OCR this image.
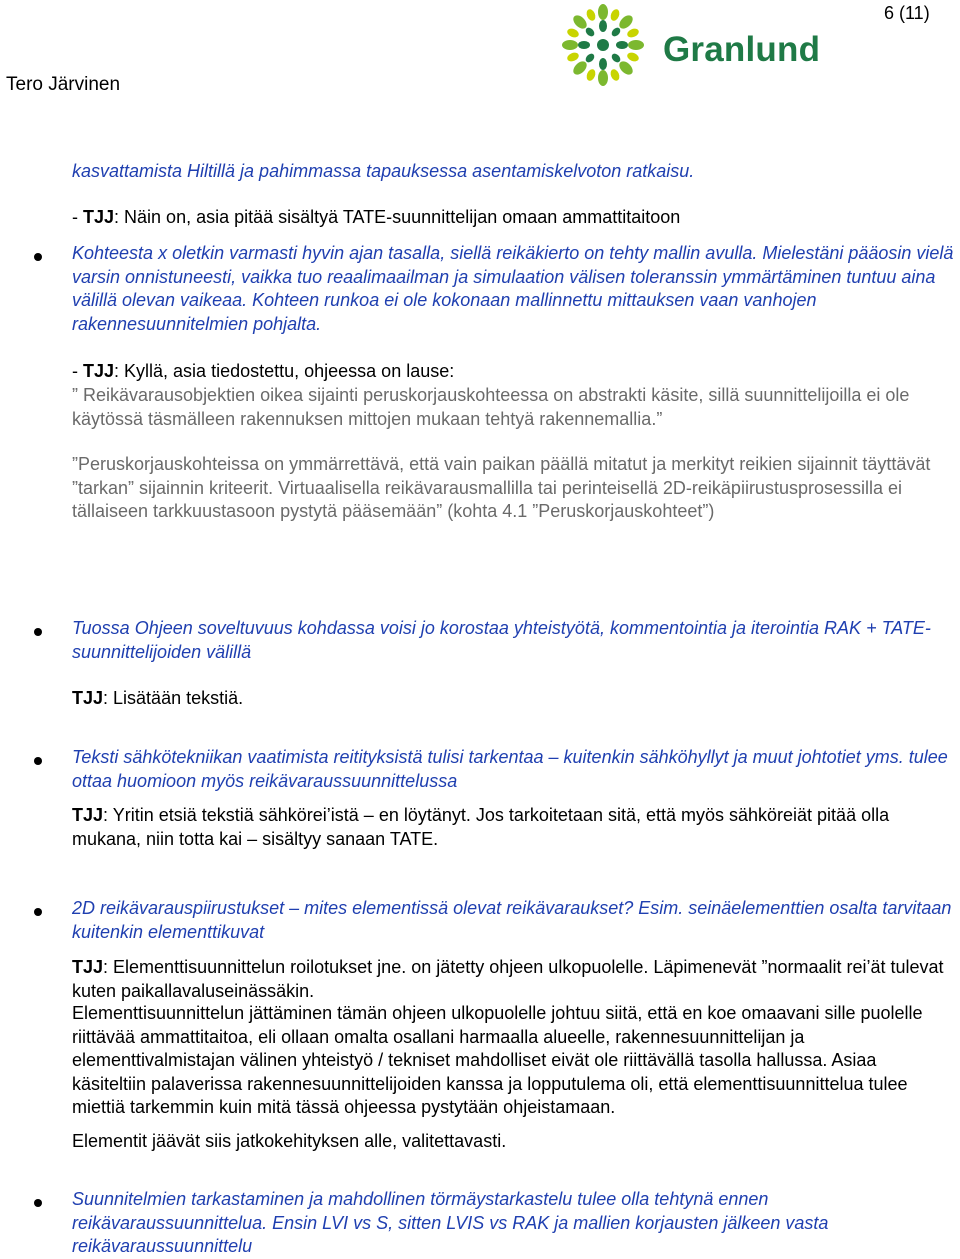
6 (11)
Tero Järvinen
Granlund
kasvattamista Hiltillä ja pahimmassa tapauksessa asentamiskelvoton ratkaisu.
- TJJ: Näin on, asia pitää sisältyä TATE-suunnittelijan omaan ammattitaitoon
Kohteesta x oletkin varmasti hyvin ajan tasalla, siellä reikäkierto on tehty mallin avulla. Mielestäni pääosin vielä varsin onnistuneesti, vaikka tuo reaalimaailman ja simulaation välisen toleranssin ymmärtäminen tuntuu aina välillä olevan vaikeaa. Kohteen runkoa ei ole kokonaan mallinnettu mittauksen vaan vanhojen rakennesuunnitelmien pohjalta.
- TJJ: Kyllä, asia tiedostettu, ohjeessa on lause:
” Reikävarausobjektien oikea sijainti peruskorjauskohteessa on abstrakti käsite, sillä suunnittelijoilla ei ole käytössä täsmälleen rakennuksen mittojen mukaan tehtyä rakennemallia.”
”Peruskorjauskohteissa on ymmärrettävä, että vain paikan päällä mitatut ja merkityt reikien sijainnit täyttävät ”tarkan” sijainnin kriteerit. Virtuaalisella reikävarausmallilla tai perinteisellä 2D-reikäpiirustusprosessilla ei tällaiseen tarkkuustasoon pystytä pääsemään” (kohta 4.1 ”Peruskorjauskohteet”)
Tuossa Ohjeen soveltuvuus kohdassa voisi jo korostaa yhteistyötä, kommentointia ja iterointia RAK + TATE-suunnittelijoiden välillä
TJJ: Lisätään tekstiä.
Teksti sähkötekniikan vaatimista reitityksistä tulisi tarkentaa – kuitenkin sähköhyllyt ja muut johtotiet yms. tulee ottaa huomioon myös reikävaraussuunnittelussa
TJJ: Yritin etsiä tekstiä sähkörei’istä – en löytänyt. Jos tarkoitetaan sitä, että myös sähköreiät pitää olla mukana, niin totta kai – sisältyy sanaan TATE.
2D reikävarauspiirustukset – mites elementissä olevat reikävaraukset? Esim. seinäelementtien osalta tarvitaan kuitenkin elementtikuvat
TJJ: Elementtisuunnittelun roilotukset jne. on jätetty ohjeen ulkopuolelle. Läpimenevät ”normaalit rei’ät tulevat kuten paikallavaluseinässäkin.
Elementtisuunnittelun jättäminen tämän ohjeen ulkopuolelle johtuu siitä, että en koe omaavani sille puolelle riittävää ammattitaitoa, eli ollaan omalta osallani harmaalla alueelle, rakennesuunnittelijan ja elementtivalmistajan välinen yhteistyö / tekniset mahdolliset eivät ole riittävällä tasolla hallussa. Asiaa käsiteltiin palaverissa rakennesuunnittelijoiden kanssa ja lopputulema oli, että elementtisuunnittelua tulee miettiä tarkemmin kuin mitä tässä ohjeessa pystytään ohjeistamaan.
Elementit jäävät siis jatkokehityksen alle, valitettavasti.
Suunnitelmien tarkastaminen ja mahdollinen törmäystarkastelu tulee olla tehtynä ennen reikävaraussuunnittelua. Ensin LVI vs S, sitten LVIS vs RAK ja mallien korjausten jälkeen vasta reikävaraussuunnittelu
